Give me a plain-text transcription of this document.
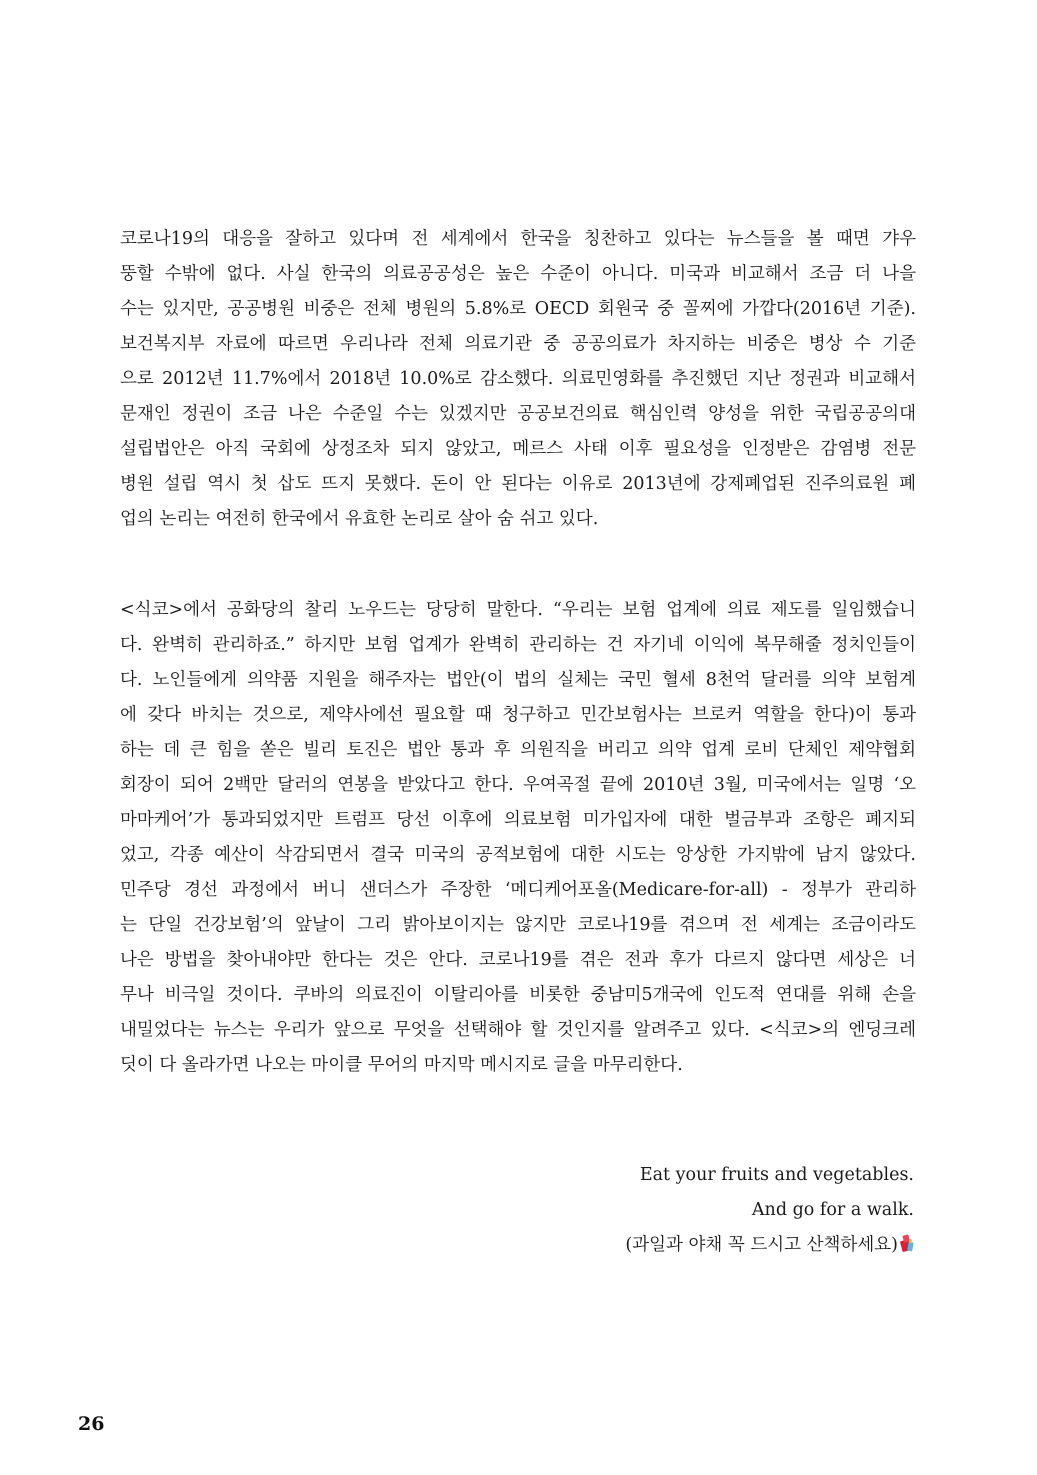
코로나19의 대응을 잘하고 있다며 전 세계에서 한국을 칭찬하고 있다는 뉴스들을 볼 때면 갸우
뚱할 수밖에 없다. 사실 한국의 의료공공성은 높은 수준이 아니다. 미국과 비교해서 조금 더 나을
수는 있지만, 공공병원 비중은 전체 병원의 5.8%로 OECD 회원국 중 꼴찌에 가깝다(2016년 기준).
보건복지부 자료에 따르면 우리나라 전체 의료기관 중 공공의료가 차지하는 비중은 병상 수 기준
으로 2012년 11.7%에서 2018년 10.0%로 감소했다. 의료민영화를 추진했던 지난 정권과 비교해서
문재인 정권이 조금 나은 수준일 수는 있겠지만 공공보건의료 핵심인력 양성을 위한 국립공공의대
설립법안은 아직 국회에 상정조차 되지 않았고, 메르스 사태 이후 필요성을 인정받은 감염병 전문
병원 설립 역시 첫 삽도 뜨지 못했다. 돈이 안 된다는 이유로 2013년에 강제폐업된 진주의료원 폐
업의 논리는 여전히 한국에서 유효한 논리로 살아 숨 쉬고 있다.
<식코>에서 공화당의 찰리 노우드는 당당히 말한다. “우리는 보험 업계에 의료 제도를 일임했습니
다. 완벽히 관리하죠.” 하지만 보험 업계가 완벽히 관리하는 건 자기네 이익에 복무해줄 정치인들이
다. 노인들에게 의약품 지원을 해주자는 법안(이 법의 실체는 국민 혈세 8천억 달러를 의약 보험계
에 갖다 바치는 것으로, 제약사에선 필요할 때 청구하고 민간보험사는 브로커 역할을 한다)이 통과
하는 데 큰 힘을 쏟은 빌리 토진은 법안 통과 후 의원직을 버리고 의약 업계 로비 단체인 제약협회
회장이 되어 2백만 달러의 연봉을 받았다고 한다. 우여곡절 끝에 2010년 3월, 미국에서는 일명 ‘오
마마케어’가 통과되었지만 트럼프 당선 이후에 의료보험 미가입자에 대한 벌금부과 조항은 폐지되
었고, 각종 예산이 삭감되면서 결국 미국의 공적보험에 대한 시도는 앙상한 가지밖에 남지 않았다.
민주당 경선 과정에서 버니 샌더스가 주장한 ‘메디케어포올(Medicare-for-all) - 정부가 관리하
는 단일 건강보험’의 앞날이 그리 밝아보이지는 않지만 코로나19를 겪으며 전 세계는 조금이라도
나은 방법을 찾아내야만 한다는 것은 안다. 코로나19를 겪은 전과 후가 다르지 않다면 세상은 너
무나 비극일 것이다. 쿠바의 의료진이 이탈리아를 비롯한 중남미5개국에 인도적 연대를 위해 손을
내밀었다는 뉴스는 우리가 앞으로 무엇을 선택해야 할 것인지를 알려주고 있다. <식코>의 엔딩크레
딧이 다 올라가면 나오는 마이클 무어의 마지막 메시지로 글을 마무리한다.
Eat your fruits and vegetables.
And go for a walk.
(과일과 야채 꼭 드시고 산책하세요)
26
